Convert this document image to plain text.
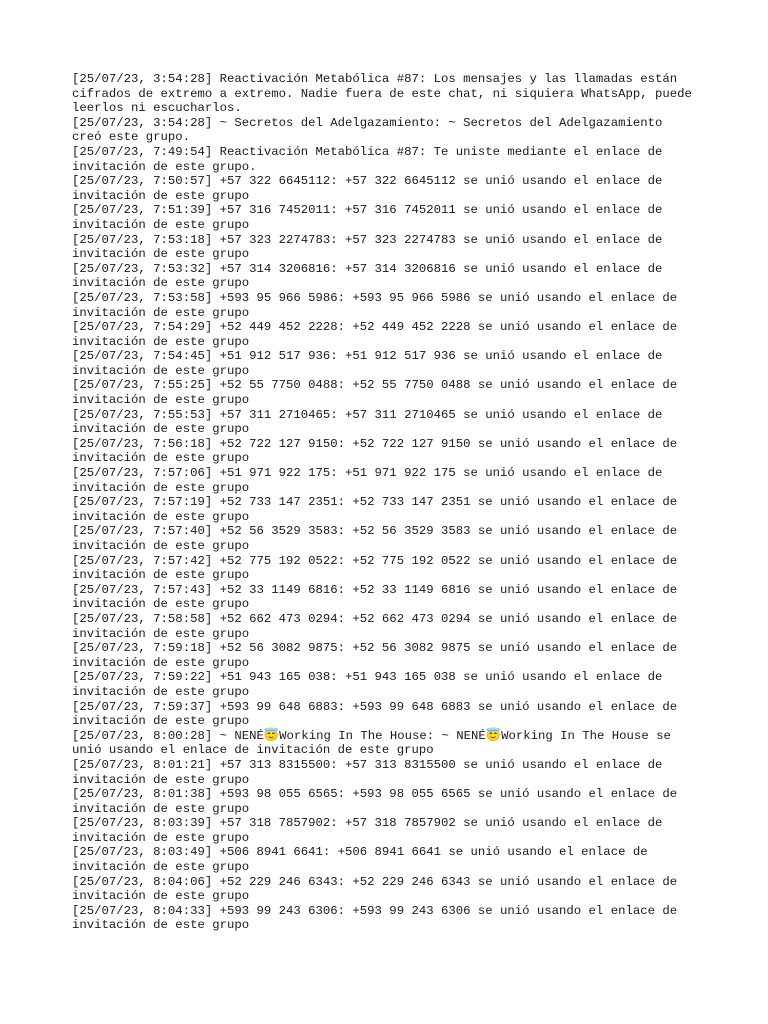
[25/07/23, 3:54:28] Reactivación Metabólica #87: Los mensajes y las llamadas están cifrados de extremo a extremo. Nadie fuera de este chat, ni siquiera WhatsApp, puede leerlos ni escucharlos.

[25/07/23, 3:54:28] ~ Secretos del Adelgazamiento: ~ Secretos del Adelgazamiento creó este grupo.

[25/07/23, 7:49:54] Reactivación Metabólica #87: Te uniste mediante el enlace de invitación de este grupo.

[25/07/23, 7:50:57] +57 322 6645112: +57 322 6645112 se unió usando el enlace de invitación de este grupo

[25/07/23, 7:51:39] +57 316 7452011: +57 316 7452011 se unió usando el enlace de invitación de este grupo

[25/07/23, 7:53:18] +57 323 2274783: +57 323 2274783 se unió usando el enlace de invitación de este grupo

[25/07/23, 7:53:32] +57 314 3206816: +57 314 3206816 se unió usando el enlace de invitación de este grupo

[25/07/23, 7:53:58] +593 95 966 5986: +593 95 966 5986 se unió usando el enlace de invitación de este grupo

[25/07/23, 7:54:29] +52 449 452 2228: +52 449 452 2228 se unió usando el enlace de invitación de este grupo

[25/07/23, 7:54:45] +51 912 517 936: +51 912 517 936 se unió usando el enlace de invitación de este grupo

[25/07/23, 7:55:25] +52 55 7750 0488: +52 55 7750 0488 se unió usando el enlace de invitación de este grupo

[25/07/23, 7:55:53] +57 311 2710465: +57 311 2710465 se unió usando el enlace de invitación de este grupo

[25/07/23, 7:56:18] +52 722 127 9150: +52 722 127 9150 se unió usando el enlace de invitación de este grupo

[25/07/23, 7:57:06] +51 971 922 175: +51 971 922 175 se unió usando el enlace de invitación de este grupo

[25/07/23, 7:57:19] +52 733 147 2351: +52 733 147 2351 se unió usando el enlace de invitación de este grupo

[25/07/23, 7:57:40] +52 56 3529 3583: +52 56 3529 3583 se unió usando el enlace de invitación de este grupo

[25/07/23, 7:57:42] +52 775 192 0522: +52 775 192 0522 se unió usando el enlace de invitación de este grupo

[25/07/23, 7:57:43] +52 33 1149 6816: +52 33 1149 6816 se unió usando el enlace de invitación de este grupo

[25/07/23, 7:58:58] +52 662 473 0294: +52 662 473 0294 se unió usando el enlace de invitación de este grupo

[25/07/23, 7:59:18] +52 56 3082 9875: +52 56 3082 9875 se unió usando el enlace de invitación de este grupo

[25/07/23, 7:59:22] +51 943 165 038: +51 943 165 038 se unió usando el enlace de invitación de este grupo

[25/07/23, 7:59:37] +593 99 648 6883: +593 99 648 6883 se unió usando el enlace de invitación de este grupo

[25/07/23, 8:00:28] ~ NENÉ😇Working In The House: ~ NENÉ😇Working In The House se unió usando el enlace de invitación de este grupo

[25/07/23, 8:01:21] +57 313 8315500: +57 313 8315500 se unió usando el enlace de invitación de este grupo

[25/07/23, 8:01:38] +593 98 055 6565: +593 98 055 6565 se unió usando el enlace de invitación de este grupo

[25/07/23, 8:03:39] +57 318 7857902: +57 318 7857902 se unió usando el enlace de invitación de este grupo

[25/07/23, 8:03:49] +506 8941 6641: +506 8941 6641 se unió usando el enlace de invitación de este grupo

[25/07/23, 8:04:06] +52 229 246 6343: +52 229 246 6343 se unió usando el enlace de invitación de este grupo

[25/07/23, 8:04:33] +593 99 243 6306: +593 99 243 6306 se unió usando el enlace de invitación de este grupo
